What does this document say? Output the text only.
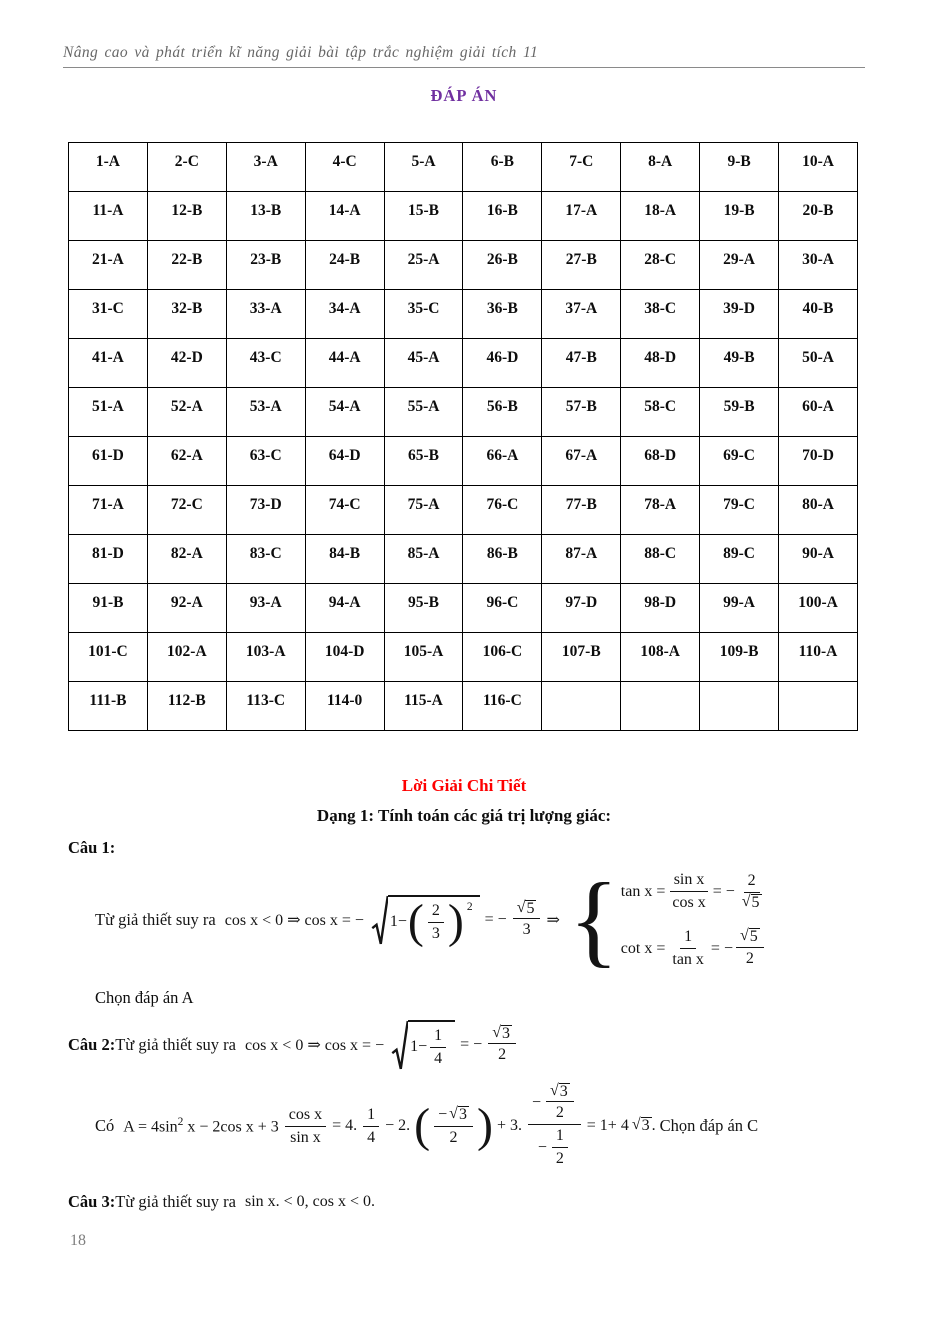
Nâng cao và phát triển kĩ năng giải bài tập trắc nghiệm giải tích 11
ĐÁP ÁN
1-A	2-C	3-A	4-C	5-A	6-B	7-C	8-A	9-B	10-A
11-A	12-B	13-B	14-A	15-B	16-B	17-A	18-A	19-B	20-B
21-A	22-B	23-B	24-B	25-A	26-B	27-B	28-C	29-A	30-A
31-C	32-B	33-A	34-A	35-C	36-B	37-A	38-C	39-D	40-B
41-A	42-D	43-C	44-A	45-A	46-D	47-B	48-D	49-B	50-A
51-A	52-A	53-A	54-A	55-A	56-B	57-B	58-C	59-B	60-A
61-D	62-A	63-C	64-D	65-B	66-A	67-A	68-D	69-C	70-D
71-A	72-C	73-D	74-C	75-A	76-C	77-B	78-A	79-C	80-A
81-D	82-A	83-C	84-B	85-A	86-B	87-A	88-C	89-C	90-A
91-B	92-A	93-A	94-A	95-B	96-C	97-D	98-D	99-A	100-A
101-C	102-A	103-A	104-D	105-A	106-C	107-B	108-A	109-B	110-A
111-B	112-B	113-C	114-0	115-A	116-C				
Lời Giải Chi Tiết
Dạng 1: Tính toán các giá trị lượng giác:
Câu 1:
Từ giả thiết suy ra cos x < 0 ⇒ cos x = − 1− ( $\frac{2}{3}$ ) 2
= − $\frac{√ 5}{3}$ ⇒ { $\tan x = \frac{\text{sin x}}{\text{cos x}}$ = − $\frac{2}{√ 5}$
$\cot x = \frac{1}{\text{tan x}}$ = − $\frac{√ 5}{2}$
Chọn đáp án A
Câu 2: Từ giả thiết suy ra cos x < 0 ⇒ cos x = − $1- \frac{1}{4}$ = − $\frac{√ 3}{2}$
Có $A = 4\sin^2$ x − 2cos $x + 3 \frac{\text{cos x}}{\text{sin x}} = 4$. $\frac{1}{4} - 2$. ( $\frac{- √ 3}{2}$ ) + 3. $\frac{- \frac{√ 3}{2}}{- \frac{1}{2}} = 1+ 4$ √ 3 . Chọn đáp án C
Câu 3: Từ giả thiết suy ra sin x. < 0, cos x < 0.
18
